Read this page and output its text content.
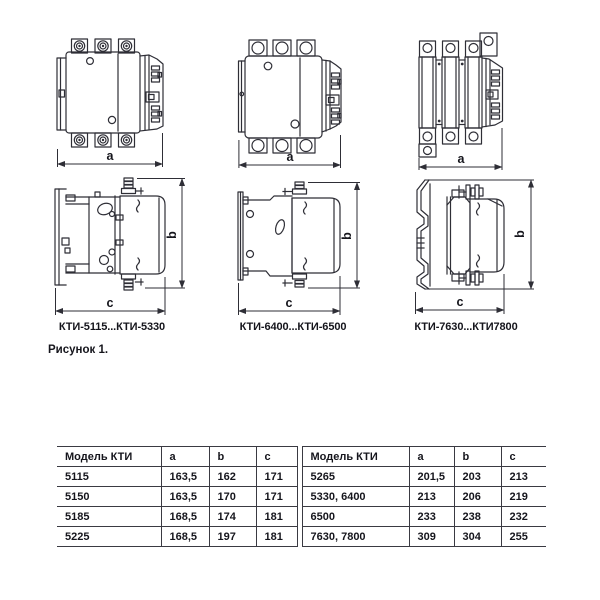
a	a	a
b
c
b
c
b
c
КТИ-5115...КТИ-5330	КТИ-6400...КТИ-6500	КТИ-7630...КТИ7800
Рисунок 1.
Модель КТИ	a	b	c
5115	163,5	162	171
5150	163,5	170	171
5185	168,5	174	181
5225	168,5	197	181
Модель КТИ	a	b	c
5265	201,5	203	213
5330, 6400	213	206	219
6500	233	238	232
7630, 7800	309	304	255
